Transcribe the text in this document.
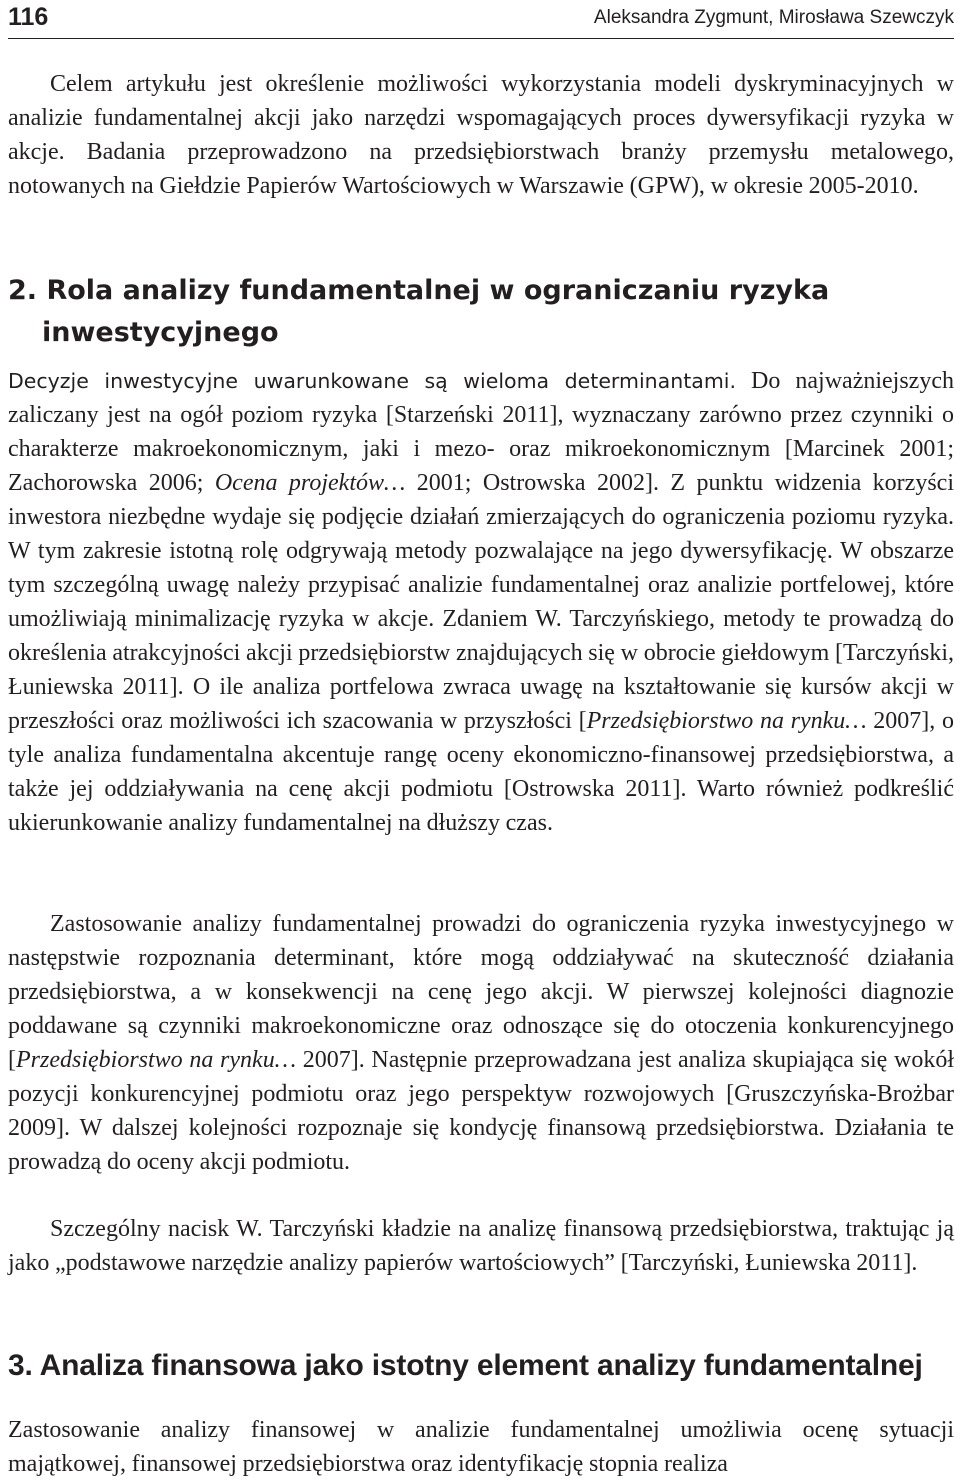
116	Aleksandra Zygmunt, Mirosława Szewczyk

Celem artykułu jest określenie możliwości wykorzystania modeli dyskryminacyjnych w analizie fundamentalnej akcji jako narzędzi wspomagających proces dywersyfikacji ryzyka w akcje. Badania przeprowadzono na przedsiębiorstwach branży przemysłu metalowego, notowanych na Giełdzie Papierów Wartościowych w Warszawie (GPW), w okresie 2005-2010.

2. Rola analizy fundamentalnej w ograniczaniu ryzyka inwestycyjnego

Decyzje inwestycyjne uwarunkowane są wieloma determinantami. Do najważniejszych zaliczany jest na ogół poziom ryzyka [Starzeński 2011], wyznaczany zarówno przez czynniki o charakterze makroekonomicznym, jaki i mezo- oraz mikroekonomicznym [Marcinek 2001; Zachorowska 2006; Ocena projektów… 2001; Ostrowska 2002]. Z punktu widzenia korzyści inwestora niezbędne wydaje się podjęcie działań zmierzających do ograniczenia poziomu ryzyka. W tym zakresie istotną rolę odgrywają metody pozwalające na jego dywersyfikację. W obszarze tym szczególną uwagę należy przypisać analizie fundamentalnej oraz analizie portfelowej, które umożliwiają minimalizację ryzyka w akcje. Zdaniem W. Tarczyńskiego, metody te prowadzą do określenia atrakcyjności akcji przedsiębiorstw znajdujących się w obrocie giełdowym [Tarczyński, Łuniewska 2011]. O ile analiza portfelowa zwraca uwagę na kształtowanie się kursów akcji w przeszłości oraz możliwości ich szacowania w przyszłości [Przedsiębiorstwo na rynku… 2007], o tyle analiza fundamentalna akcentuje rangę oceny ekonomiczno-finansowej przedsiębiorstwa, a także jej oddziaływania na cenę akcji podmiotu [Ostrowska 2011]. Warto również podkreślić ukierunkowanie analizy fundamentalnej na dłuższy czas.

Zastosowanie analizy fundamentalnej prowadzi do ograniczenia ryzyka inwestycyjnego w następstwie rozpoznania determinant, które mogą oddziaływać na skuteczność działania przedsiębiorstwa, a w konsekwencji na cenę jego akcji. W pierwszej kolejności diagnozie poddawane są czynniki makroekonomiczne oraz odnoszące się do otoczenia konkurencyjnego [Przedsiębiorstwo na rynku… 2007]. Następnie przeprowadzana jest analiza skupiająca się wokół pozycji konkurencyjnej podmiotu oraz jego perspektyw rozwojowych [Gruszczyńska-Brożbar 2009]. W dalszej kolejności rozpoznaje się kondycję finansową przedsiębiorstwa. Działania te prowadzą do oceny akcji podmiotu.

Szczególny nacisk W. Tarczyński kładzie na analizę finansową przedsiębiorstwa, traktując ją jako „podstawowe narzędzie analizy papierów wartościowych” [Tarczyński, Łuniewska 2011].

3. Analiza finansowa jako istotny element analizy fundamentalnej

Zastosowanie analizy finansowej w analizie fundamentalnej umożliwia ocenę sytuacji majątkowej, finansowej przedsiębiorstwa oraz identyfikację stopnia realiza
